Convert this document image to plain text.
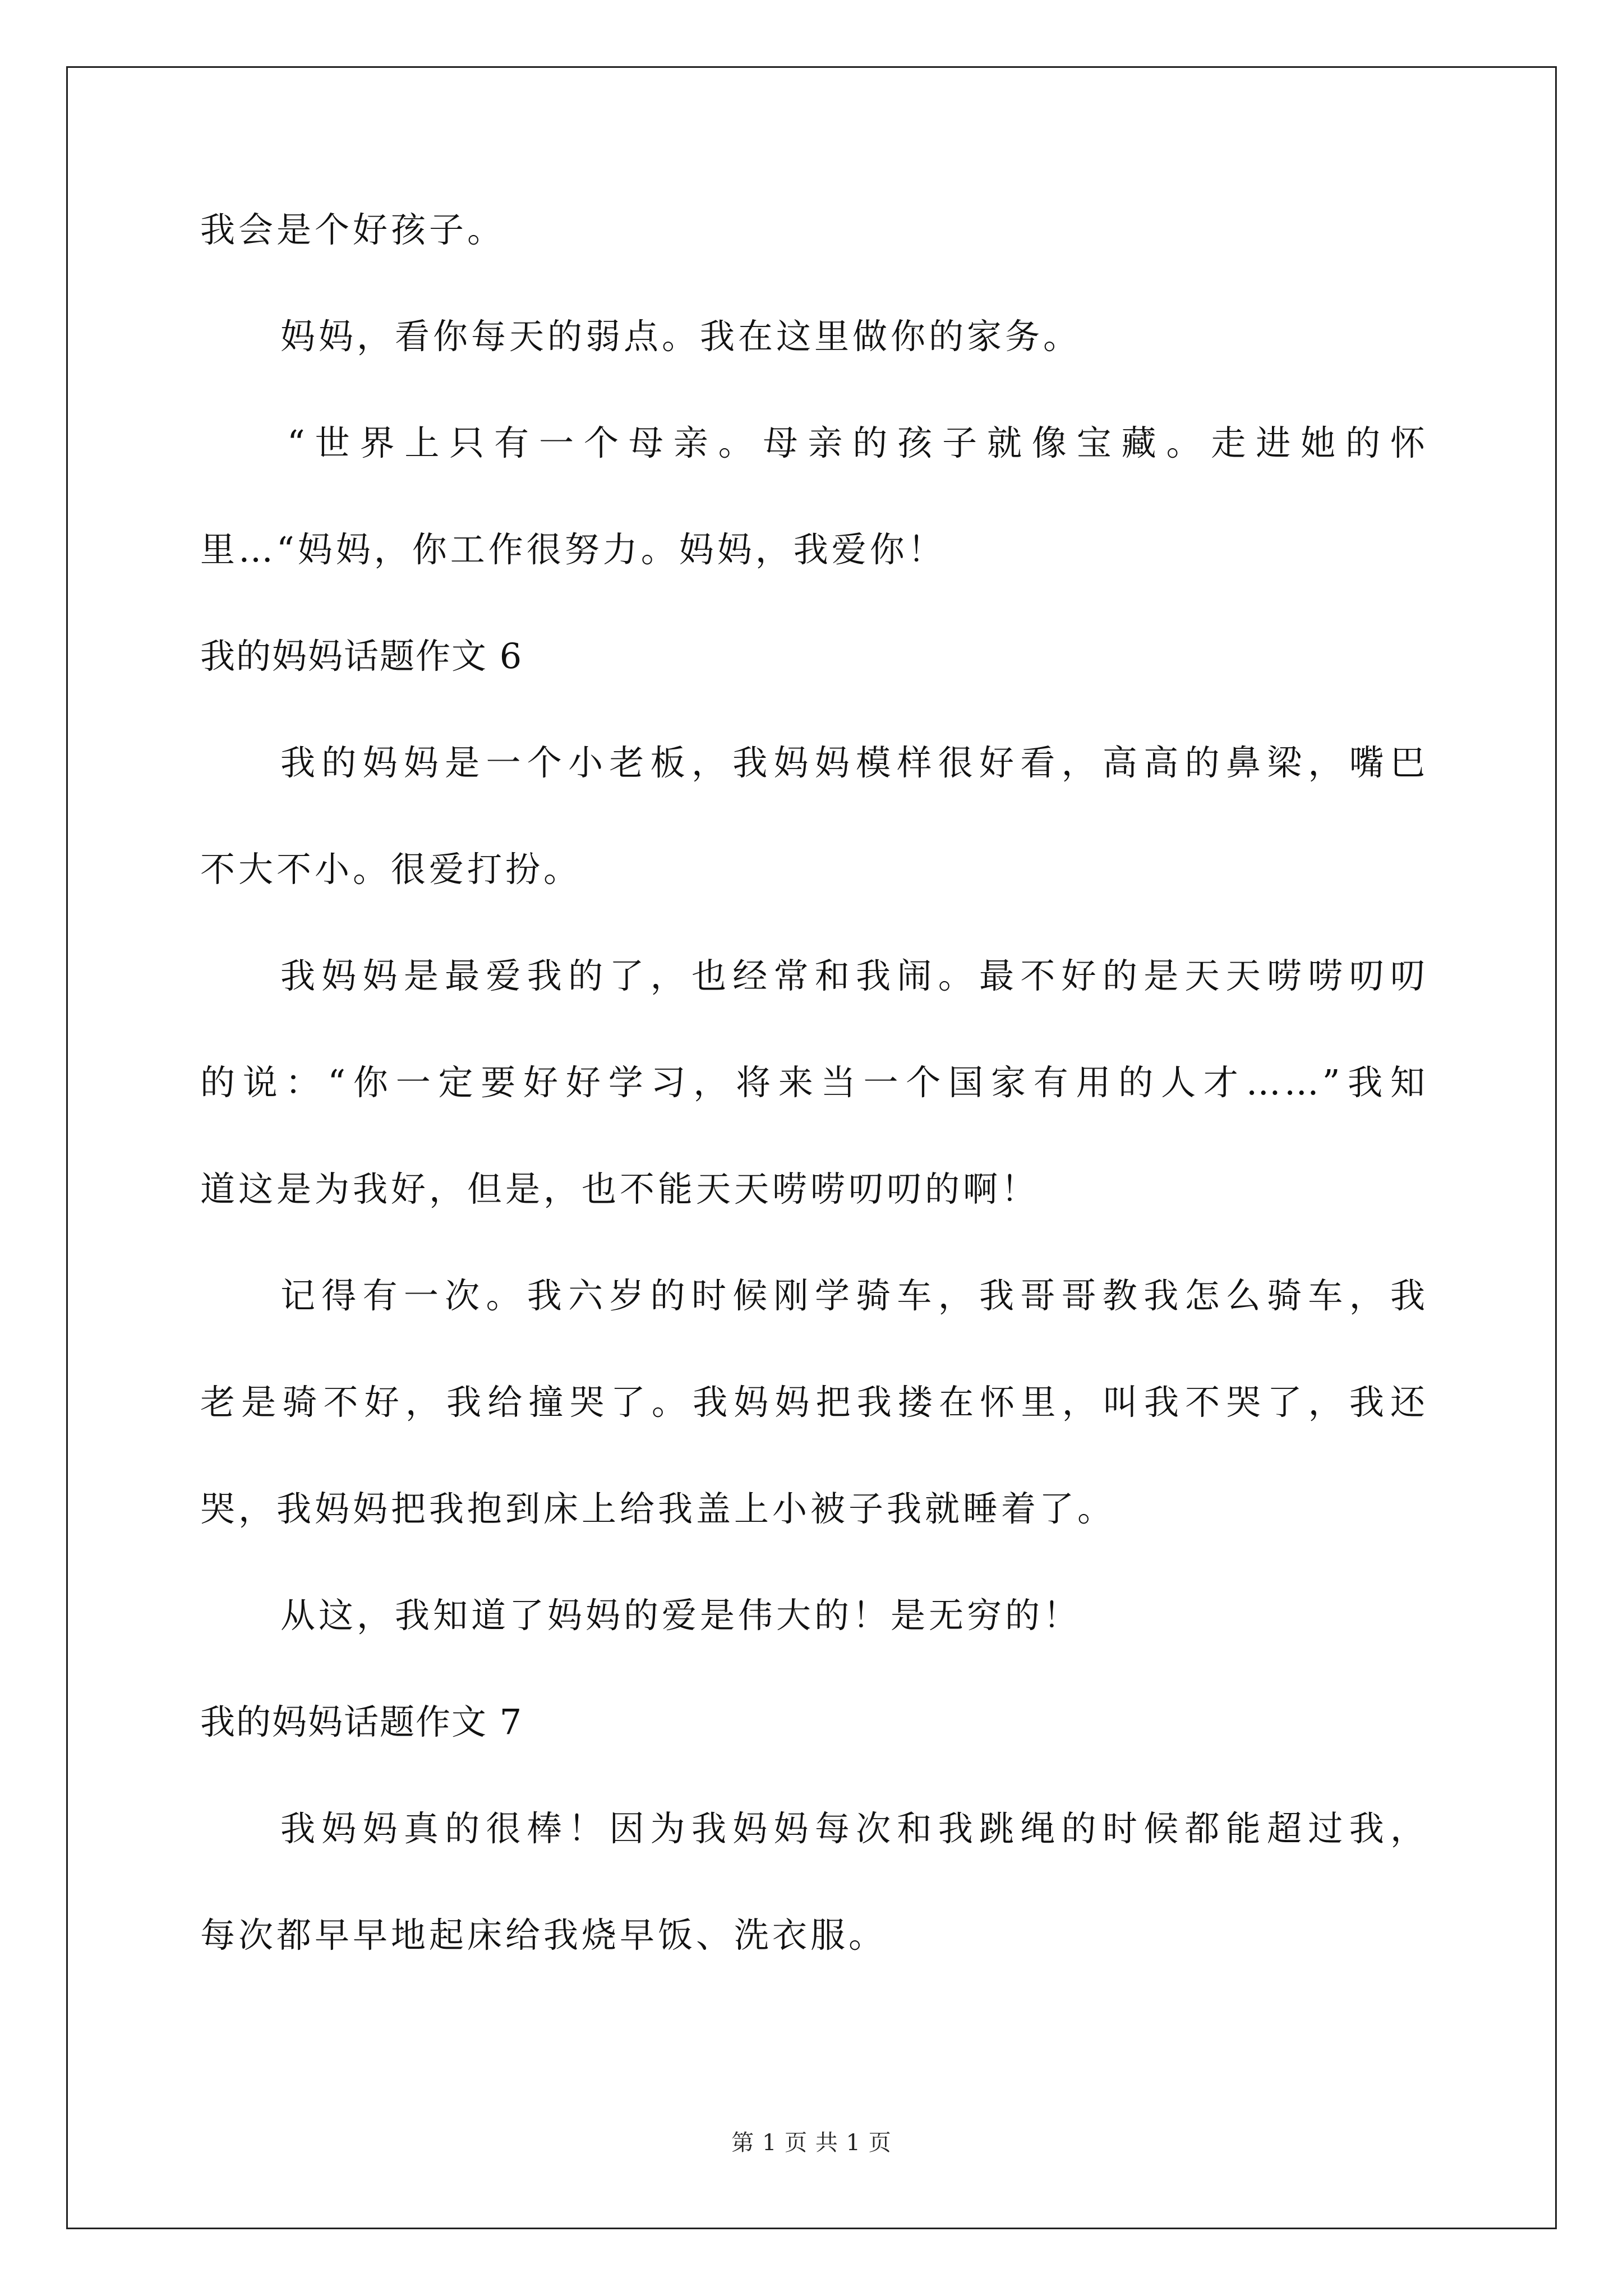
我会是个好孩子。
妈妈，看你每天的弱点。我在这里做你的家务。
“世界上只有一个母亲。母亲的孩子就像宝藏。走进她的怀
里…“妈妈，你工作很努力。妈妈，我爱你！
我的妈妈话题作文 6
我的妈妈是一个小老板，我妈妈模样很好看，高高的鼻梁，嘴巴
不大不小。很爱打扮。
我妈妈是最爱我的了，也经常和我闹。最不好的是天天唠唠叨叨
的说：“你一定要好好学习，将来当一个国家有用的人才……”我知
道这是为我好，但是，也不能天天唠唠叨叨的啊！
记得有一次。我六岁的时候刚学骑车，我哥哥教我怎么骑车，我
老是骑不好，我给撞哭了。我妈妈把我搂在怀里，叫我不哭了，我还
哭，我妈妈把我抱到床上给我盖上小被子我就睡着了。
从这，我知道了妈妈的爱是伟大的！是无穷的！
我的妈妈话题作文 7
我妈妈真的很棒！因为我妈妈每次和我跳绳的时候都能超过我，
每次都早早地起床给我烧早饭、洗衣服。
第 1 页 共 1 页
